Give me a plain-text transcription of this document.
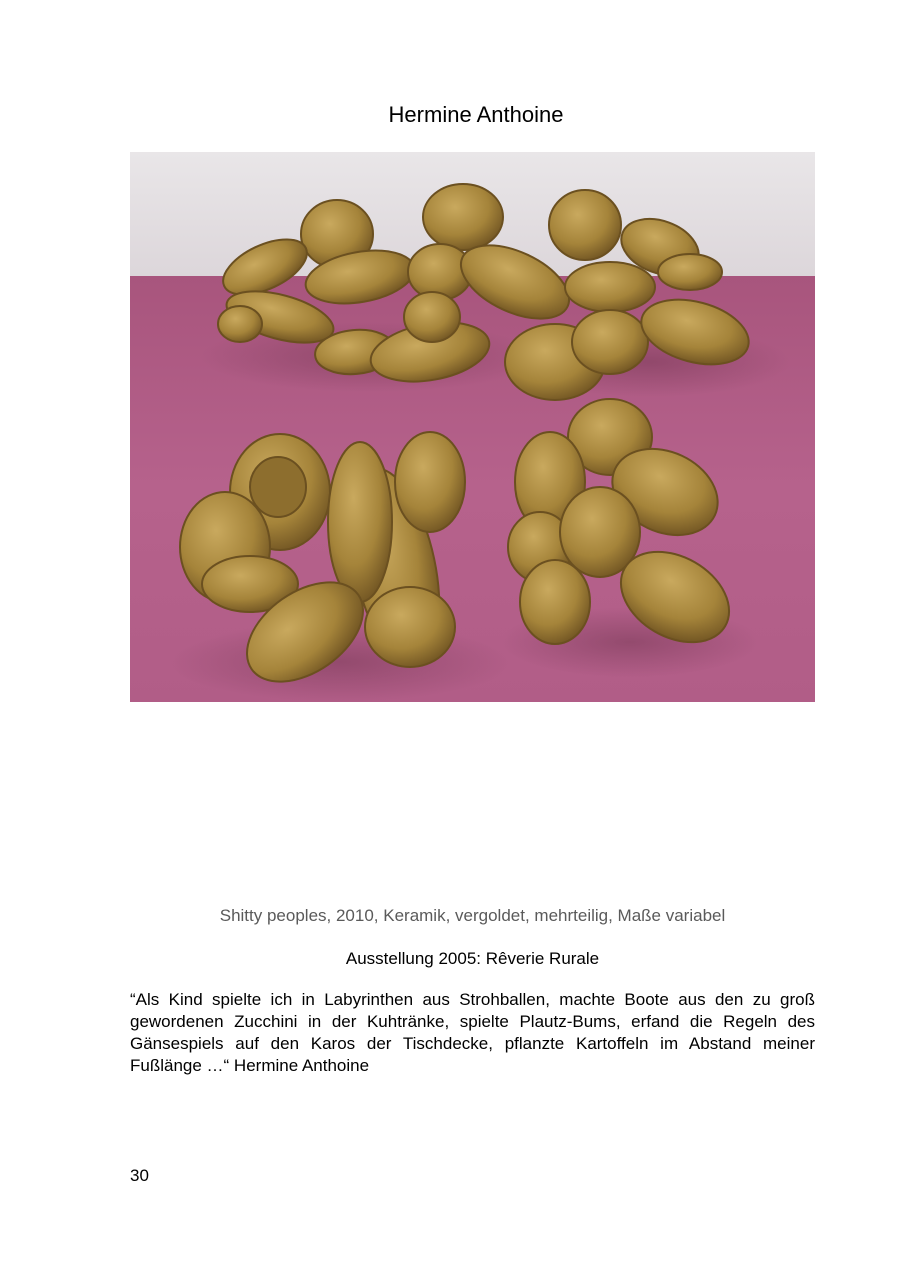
Hermine Anthoine
Shitty peoples, 2010, Keramik, vergoldet, mehrteilig, Maße variabel
Ausstellung 2005: Rêverie Rurale
“Als Kind spielte ich in Labyrinthen aus Strohballen, machte Boote aus den zu groß gewordenen Zucchini in der Kuhtränke, spielte Plautz-Bums, erfand die Regeln des Gänsespiels auf den Karos der Tischdecke, pflanzte Kartoffeln im Abstand meiner Fußlänge …“ Hermine Anthoine
30
